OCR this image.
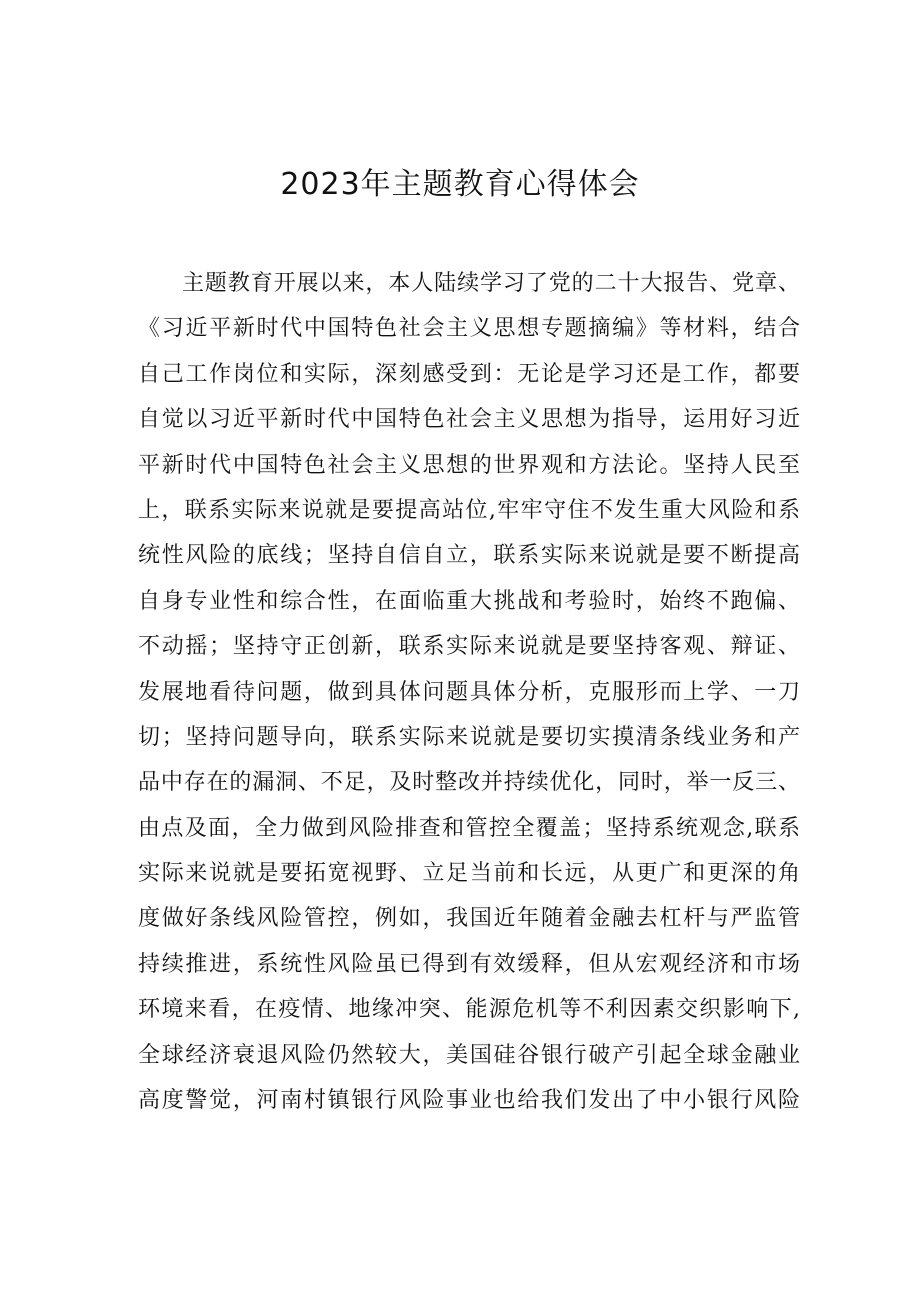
2023年主题教育心得体会
主题教育开展以来，本人陆续学习了党的二十大报告、党章、
《习近平新时代中国特色社会主义思想专题摘编》等材料，结合
自己工作岗位和实际，深刻感受到：无论是学习还是工作，都要
自觉以习近平新时代中国特色社会主义思想为指导，运用好习近
平新时代中国特色社会主义思想的世界观和方法论。坚持人民至
上，联系实际来说就是要提高站位,牢牢守住不发生重大风险和系
统性风险的底线；坚持自信自立，联系实际来说就是要不断提高
自身专业性和综合性，在面临重大挑战和考验时，始终不跑偏、
不动摇；坚持守正创新，联系实际来说就是要坚持客观、辩证、
发展地看待问题，做到具体问题具体分析，克服形而上学、一刀
切；坚持问题导向，联系实际来说就是要切实摸清条线业务和产
品中存在的漏洞、不足，及时整改并持续优化，同时，举一反三、
由点及面，全力做到风险排查和管控全覆盖；坚持系统观念,联系
实际来说就是要拓宽视野、立足当前和长远，从更广和更深的角
度做好条线风险管控，例如，我国近年随着金融去杠杆与严监管
持续推进，系统性风险虽已得到有效缓释，但从宏观经济和市场
环境来看，在疫情、地缘冲突、能源危机等不利因素交织影响下,
全球经济衰退风险仍然较大，美国硅谷银行破产引起全球金融业
高度警觉，河南村镇银行风险事业也给我们发出了中小银行风险
